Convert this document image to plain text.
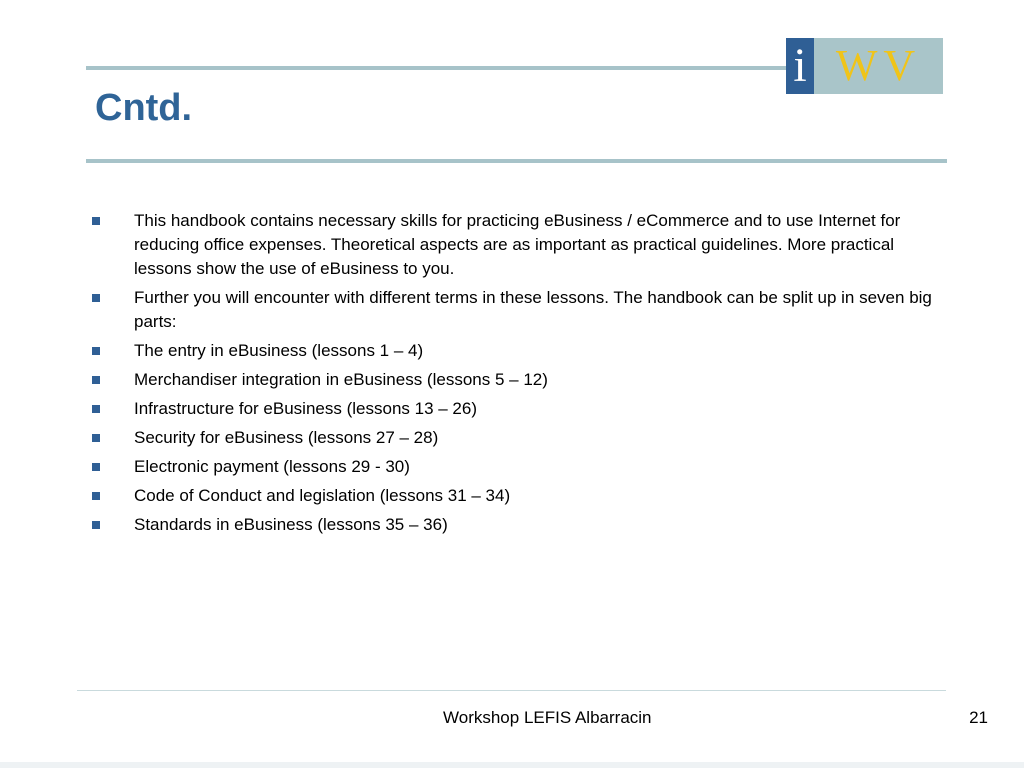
i WV
Cntd.
This handbook contains necessary skills for practicing eBusiness / eCommerce and to use Internet for reducing office expenses. Theoretical aspects are as important as practical guidelines. More practical lessons show the use of eBusiness to you.
Further you will encounter with different terms in these lessons. The handbook can be split up in seven big parts:
The entry in eBusiness (lessons 1 – 4)
Merchandiser integration in eBusiness (lessons 5 – 12)
Infrastructure for eBusiness (lessons 13 – 26)
Security for eBusiness (lessons 27 – 28)
Electronic payment (lessons 29 - 30)
Code of Conduct and legislation (lessons 31 – 34)
Standards in eBusiness (lessons 35 – 36)
Workshop LEFIS Albarracin	21
